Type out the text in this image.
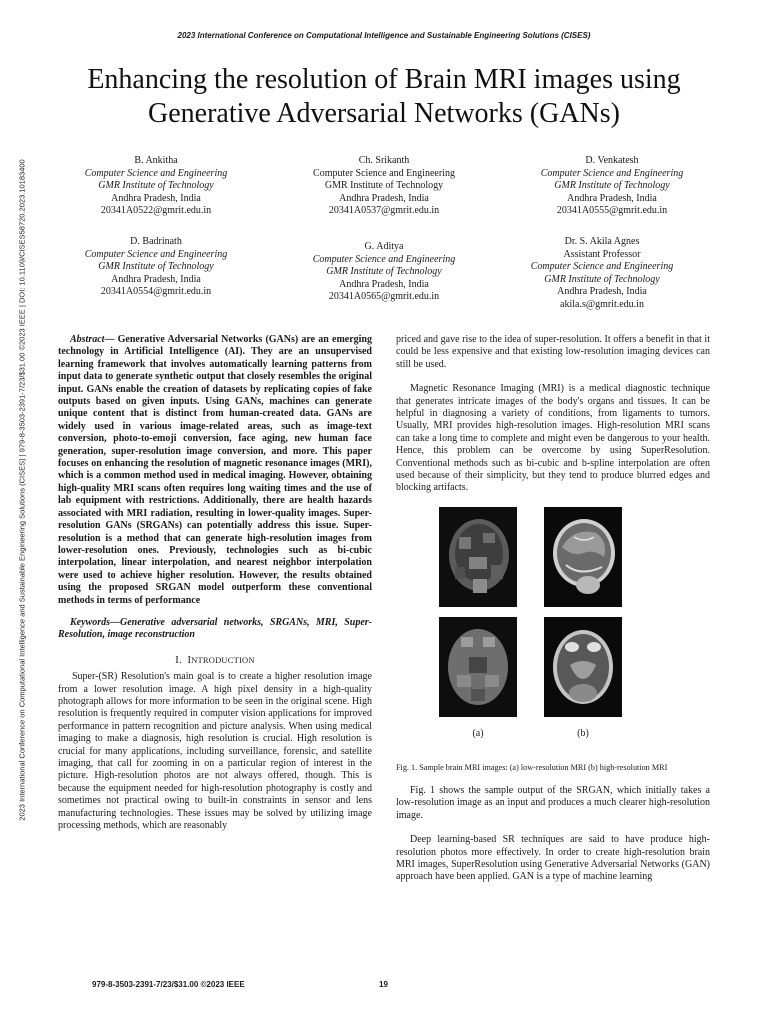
2023 International Conference on Computational Intelligence and Sustainable Engineering Solutions (CISES)
Enhancing the resolution of Brain MRI images using Generative Adversarial Networks (GANs)
2023 International Conference on Computational Intelligence and Sustainable Engineering Solutions (CISES) | 979-8-3503-2391-7/23/$31.00 ©2023 IEEE | DOI: 10.1109/CISES58720.2023.10183400	B. Ankitha
Computer Science and Engineering
GMR Institute of Technology
Andhra Pradesh, India
20341A0522@gmrit.edu.in
Ch. Srikanth
Computer Science and Engineering
GMR Institute of Technology
Andhra Pradesh, India
20341A0537@gmrit.edu.in
D. Venkatesh
Computer Science and Engineering
GMR Institute of Technology
Andhra Pradesh, India
20341A0555@gmrit.edu.in
D. Badrinath
Computer Science and Engineering
GMR Institute of Technology
Andhra Pradesh, India
20341A0554@gmrit.edu.in
G. Aditya
Computer Science and Engineering
GMR Institute of Technology
Andhra Pradesh, India
20341A0565@gmrit.edu.in
Dr. S. Akila Agnes
Assistant Professor
Computer Science and Engineering
GMR Institute of Technology
Andhra Pradesh, India
akila.s@gmrit.edu.in

Abstract— Generative Adversarial Networks (GANs) are an emerging technology in Artificial Intelligence (AI). They are an unsupervised learning framework that involves automatically learning patterns from input data to generate synthetic output that closely resembles the original input. GANs enable the creation of datasets by replicating copies of fake outputs based on given inputs. Using GANs, machines can generate unique content that is distinct from human-created data. GANs are widely used in various image-related areas, such as image-text conversion, photo-to-emoji conversion, face aging, new human face generation, super-resolution image conversion, and more. This paper focuses on enhancing the resolution of magnetic resonance images (MRI), which is a common method used in medical imaging. However, obtaining high-quality MRI scans often requires long waiting times and the use of lab equipment with restrictions. Additionally, there are health hazards associated with MRI radiation, resulting in lower-quality images. Super-resolution GANs (SRGANs) can potentially address this issue. Super-resolution is a method that can generate high-resolution images from lower-resolution ones. Previously, technologies such as bi-cubic interpolation, linear interpolation, and nearest neighbor interpolation were used to achieve higher resolution. However, the results obtained using the proposed SRGAN model outperform these conventional methods in terms of performance

Keywords—Generative adversarial networks, SRGANs, MRI, Super-Resolution, image reconstruction

I. INTRODUCTION

Super-(SR) Resolution's main goal is to create a higher resolution image from a lower resolution image. A high pixel density in a high-quality photograph allows for more information to be seen in the original scene. High resolution is frequently required in computer vision applications for improved performance in pattern recognition and picture analysis. When using medical imaging to make a diagnosis, high resolution is crucial. High resolution is crucial for many applications, including surveillance, forensic, and satellite imaging, that call for zooming in on a particular region of interest in the picture. High-resolution photos are not always offered, though. This is because the equipment needed for high-resolution photography is costly and sometimes not practical owing to built-in constraints in sensor and lens manufacturing technologies. These issues may be solved by utilizing image processing methods, which are reasonably

priced and gave rise to the idea of super-resolution. It offers a benefit in that it could be less expensive and that existing low-resolution imaging devices can still be used.

Magnetic Resonance Imaging (MRI) is a medical diagnostic technique that generates intricate images of the body's organs and tissues. It can be helpful in diagnosing a variety of conditions, from ligaments to tumors. Usually, MRI provides high-resolution images. High-resolution MRI scans can take a long time to complete and might even be dangerous to your health. Hence, this problem can be overcome by using SuperResolution. Conventional methods such as bi-cubic and b-spline interpolation are often used because of their simplicity, but they tend to produce blurred edges and blocking artifacts.

(a)	(b)

Fig. 1. Sample brain MRI images: (a) low-resolution MRI (b) high-resolution MRI

Fig. 1 shows the sample output of the SRGAN, which initially takes a low-resolution image as an input and produces a much clearer high-resolution image.

Deep learning-based SR techniques are said to have produce high-resolution photos more effectively. In order to create high-resolution brain MRI images, SuperResolution using Generative Adversarial Networks (GAN) approach have been applied. GAN is a type of machine learning

979-8-3503-2391-7/23/$31.00 ©2023 IEEE	19
